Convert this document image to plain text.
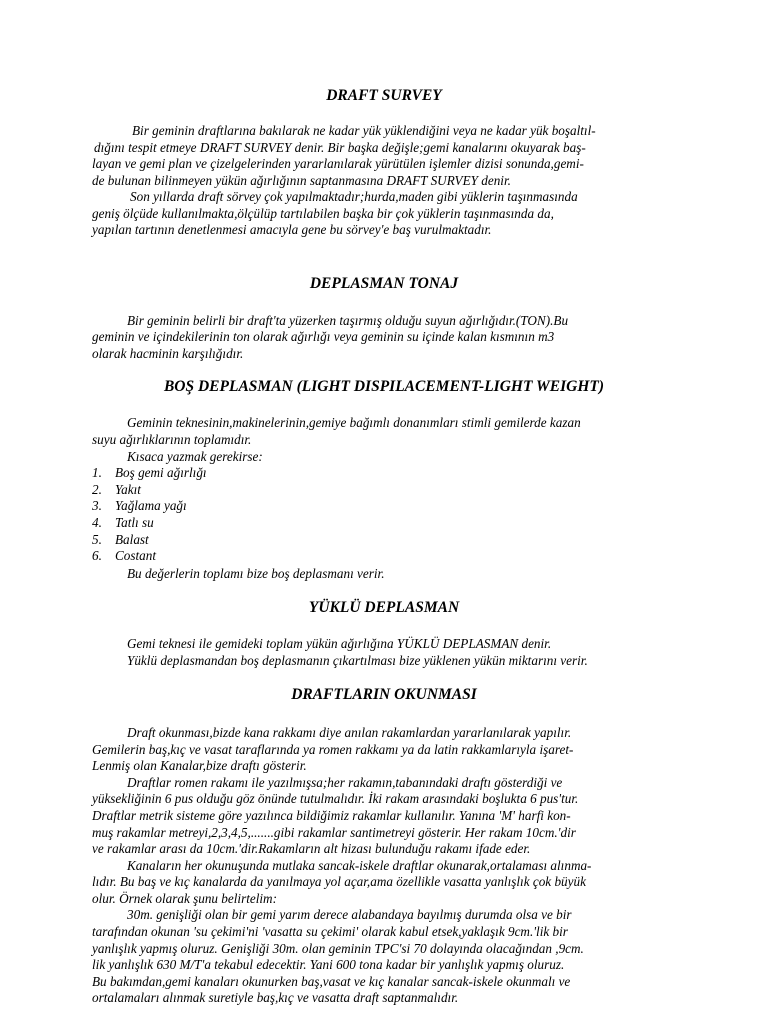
DRAFT SURVEY
Bir geminin draftlarına bakılarak ne kadar yük yüklendiğini veya ne kadar yük boşaltıl-
dığını tespit etmeye DRAFT SURVEY denir. Bir başka değişle;gemi kanalarını okuyarak baş-
layan ve gemi plan ve çizelgelerinden yararlanılarak yürütülen işlemler dizisi sonunda,gemi-
de bulunan bilinmeyen yükün ağırlığının saptanmasına DRAFT SURVEY denir.
Son yıllarda draft sörvey çok yapılmaktadır;hurda,maden gibi yüklerin taşınmasında
geniş ölçüde kullanılmakta,ölçülüp tartılabilen başka bir çok yüklerin taşınmasında da,
yapılan tartının denetlenmesi amacıyla gene bu sörvey'e baş vurulmaktadır.
DEPLASMAN TONAJ
Bir geminin belirli bir draft'ta yüzerken taşırmış olduğu suyun ağırlığıdır.(TON).Bu
geminin ve içindekilerinin ton olarak ağırlığı veya geminin su içinde kalan kısmının m3
olarak hacminin karşılığıdır.
BOŞ DEPLASMAN (LIGHT DISPILACEMENT-LIGHT WEIGHT)
Geminin teknesinin,makinelerinin,gemiye bağımlı donanımları stimli gemilerde kazan
suyu ağırlıklarının toplamıdır.
Kısaca yazmak gerekirse:
1. Boş gemi ağırlığı
2. Yakıt
3. Yağlama yağı
4. Tatlı su
5. Balast
6. Costant
Bu değerlerin toplamı bize boş deplasmanı verir.
YÜKLÜ DEPLASMAN
Gemi teknesi ile gemideki toplam yükün ağırlığına YÜKLÜ DEPLASMAN denir.
Yüklü deplasmandan boş deplasmanın çıkartılması bize yüklenen yükün miktarını verir.
DRAFTLARIN OKUNMASI
Draft okunması,bizde kana rakkamı diye anılan rakamlardan yararlanılarak yapılır.
Gemilerin baş,kıç ve vasat taraflarında ya romen rakkamı ya da latin rakkamlarıyla işaret-
Lenmiş olan Kanalar,bize draftı gösterir.
Draftlar romen rakamı ile yazılmışsa;her rakamın,tabanındaki draftı gösterdiği ve
yüksekliğinin 6 pus olduğu göz önünde tutulmalıdır. İki rakam arasındaki boşlukta 6 pus'tur.
Draftlar metrik sisteme göre yazılınca bildiğimiz rakamlar kullanılır. Yanına 'M' harfi kon-
muş rakamlar metreyi,2,3,4,5,.......gibi rakamlar santimetreyi gösterir. Her rakam 10cm.'dir
ve rakamlar arası da 10cm.'dir.Rakamların alt hizası bulunduğu rakamı ifade eder.
Kanaların her okunuşunda mutlaka sancak-iskele draftlar okunarak,ortalaması alınma-
lıdır. Bu baş ve kıç kanalarda da yanılmaya yol açar,ama özellikle vasatta yanlışlık çok büyük
olur. Örnek olarak şunu belirtelim:
30m. genişliği olan bir gemi yarım derece alabandaya bayılmış durumda olsa ve bir
tarafından okunan 'su çekimi'ni 'vasatta su çekimi' olarak kabul etsek,yaklaşık 9cm.'lik bir
yanlışlık yapmış oluruz. Genişliği 30m. olan geminin TPC'si 70 dolayında olacağından ,9cm.
lik yanlışlık 630 M/T'a tekabul edecektir. Yani 600 tona kadar bir yanlışlık yapmış oluruz.
Bu bakımdan,gemi kanaları okunurken baş,vasat ve kıç kanalar sancak-iskele okunmalı ve
ortalamaları alınmak suretiyle baş,kıç ve vasatta draft saptanmalıdır.
